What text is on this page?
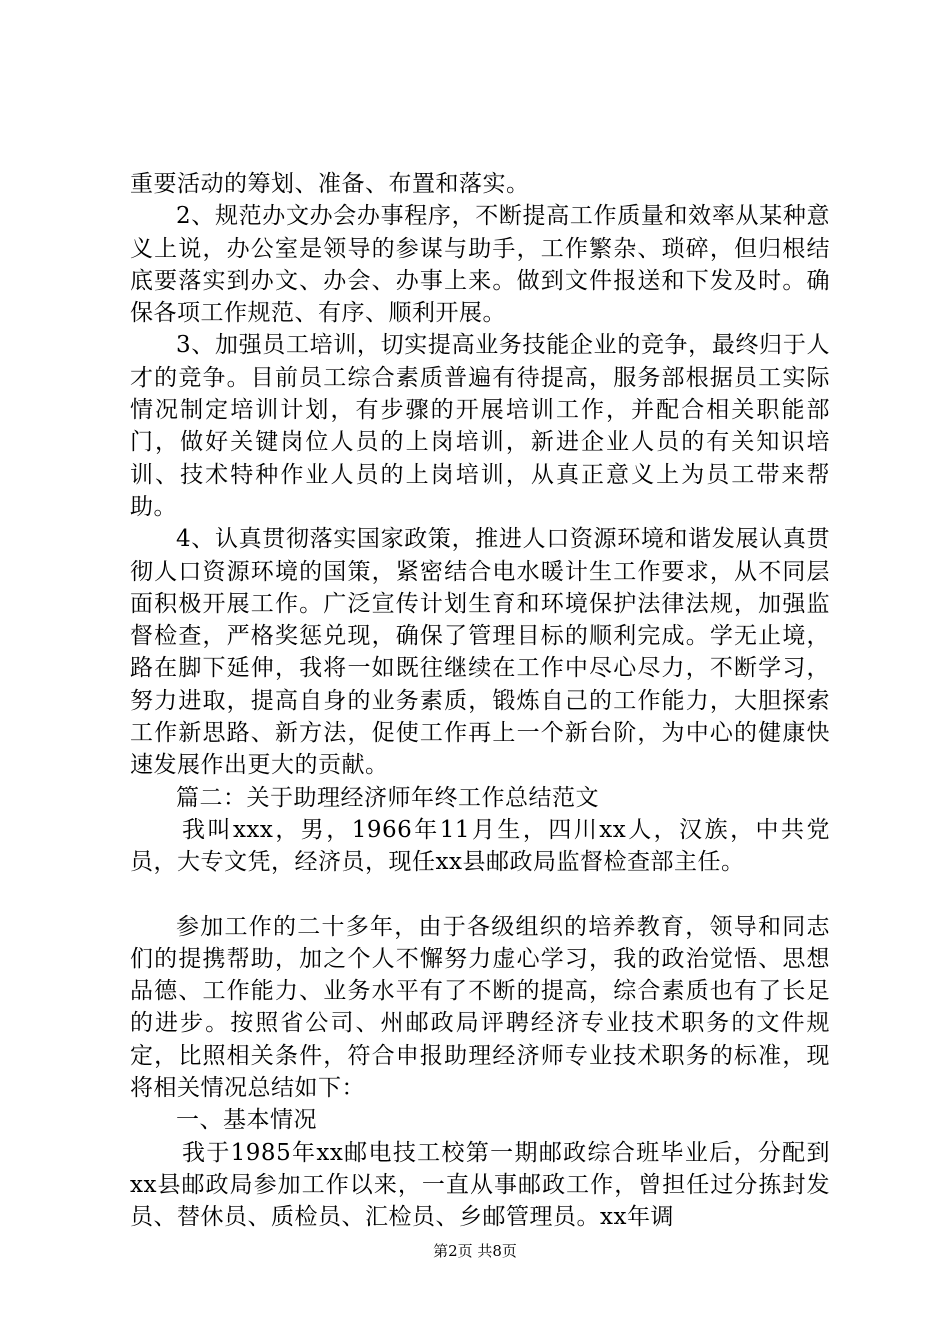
重要活动的筹划、准备、布置和落实。

2、规范办文办会办事程序，不断提高工作质量和效率从某种意义上说，办公室是领导的参谋与助手，工作繁杂、琐碎，但归根结底要落实到办文、办会、办事上来。做到文件报送和下发及时。确保各项工作规范、有序、顺利开展。

3、加强员工培训，切实提高业务技能企业的竞争，最终归于人才的竞争。目前员工综合素质普遍有待提高，服务部根据员工实际情况制定培训计划，有步骤的开展培训工作，并配合相关职能部门，做好关键岗位人员的上岗培训，新进企业人员的有关知识培训、技术特种作业人员的上岗培训，从真正意义上为员工带来帮助。

4、认真贯彻落实国家政策，推进人口资源环境和谐发展认真贯彻人口资源环境的国策，紧密结合电水暖计生工作要求，从不同层面积极开展工作。广泛宣传计划生育和环境保护法律法规，加强监督检查，严格奖惩兑现，确保了管理目标的顺利完成。学无止境，路在脚下延伸，我将一如既往继续在工作中尽心尽力，不断学习，努力进取，提高自身的业务素质，锻炼自己的工作能力，大胆探索工作新思路、新方法，促使工作再上一个新台阶，为中心的健康快速发展作出更大的贡献。

篇二：关于助理经济师年终工作总结范文

我叫xxx，男，1966年11月生，四川xx人，汉族，中共党员，大专文凭，经济员，现任xx县邮政局监督检查部主任。

参加工作的二十多年，由于各级组织的培养教育，领导和同志们的提携帮助，加之个人不懈努力虚心学习，我的政治觉悟、思想品德、工作能力、业务水平有了不断的提高，综合素质也有了长足的进步。按照省公司、州邮政局评聘经济专业技术职务的文件规定，比照相关条件，符合申报助理经济师专业技术职务的标准，现将相关情况总结如下：

一、基本情况

我于1985年xx邮电技工校第一期邮政综合班毕业后，分配到xx县邮政局参加工作以来，一直从事邮政工作，曾担任过分拣封发员、替休员、质检员、汇检员、乡邮管理员。xx年调

第2页 共8页
